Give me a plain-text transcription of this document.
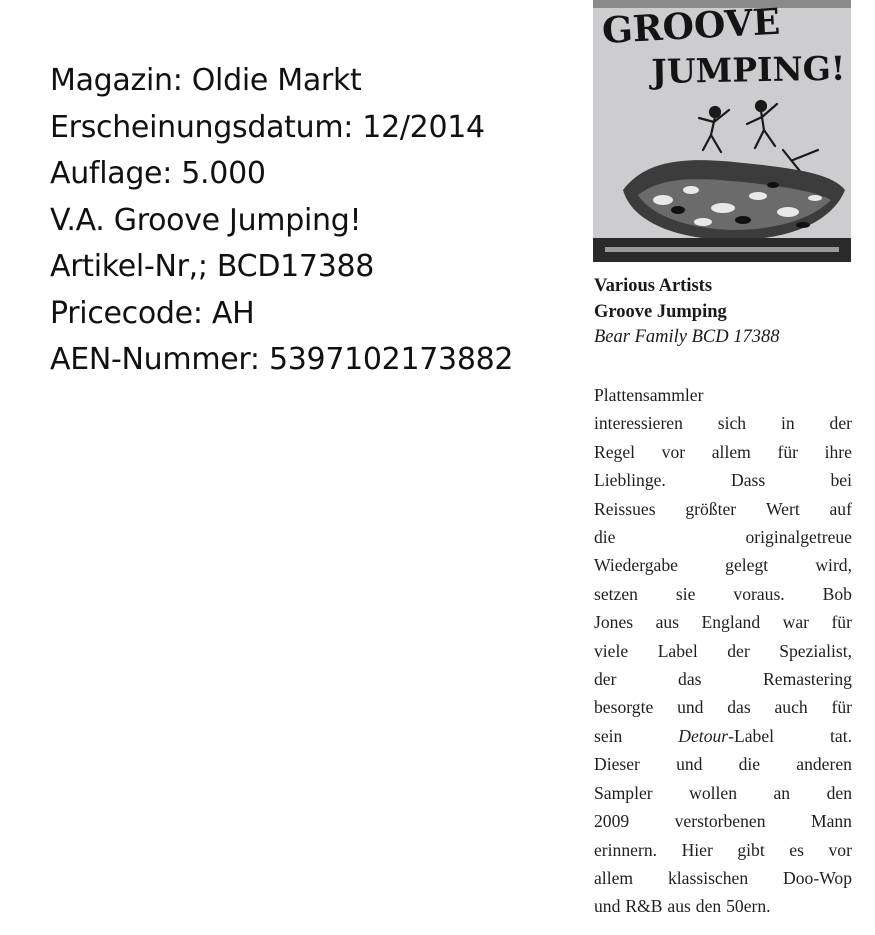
Magazin: Oldie Markt
Erscheinungsdatum: 12/2014
Auflage: 5.000
V.A. Groove Jumping!
Artikel-Nr,; BCD17388
Pricecode: AH
AEN-Nummer: 5397102173882
GROOVE
JUMPING!
Various Artists
Groove Jumping
Bear Family BCD 17388
Plattensammler
interessieren sich in der
Regel vor allem für ihre
Lieblinge.	Dass	bei
Reissues größter Wert auf
die	originalgetreue
Wiedergabe	gelegt	wird,
setzen sie voraus. Bob
Jones aus England war für
viele Label der Spezialist,
der	das	Remastering
besorgte und das auch für
sein	Detour-Label	tat.
Dieser und die anderen
Sampler wollen an den
2009	verstorbenen	Mann
erinnern. Hier gibt es vor
allem klassischen Doo-Wop
und R&B aus den 50ern.
